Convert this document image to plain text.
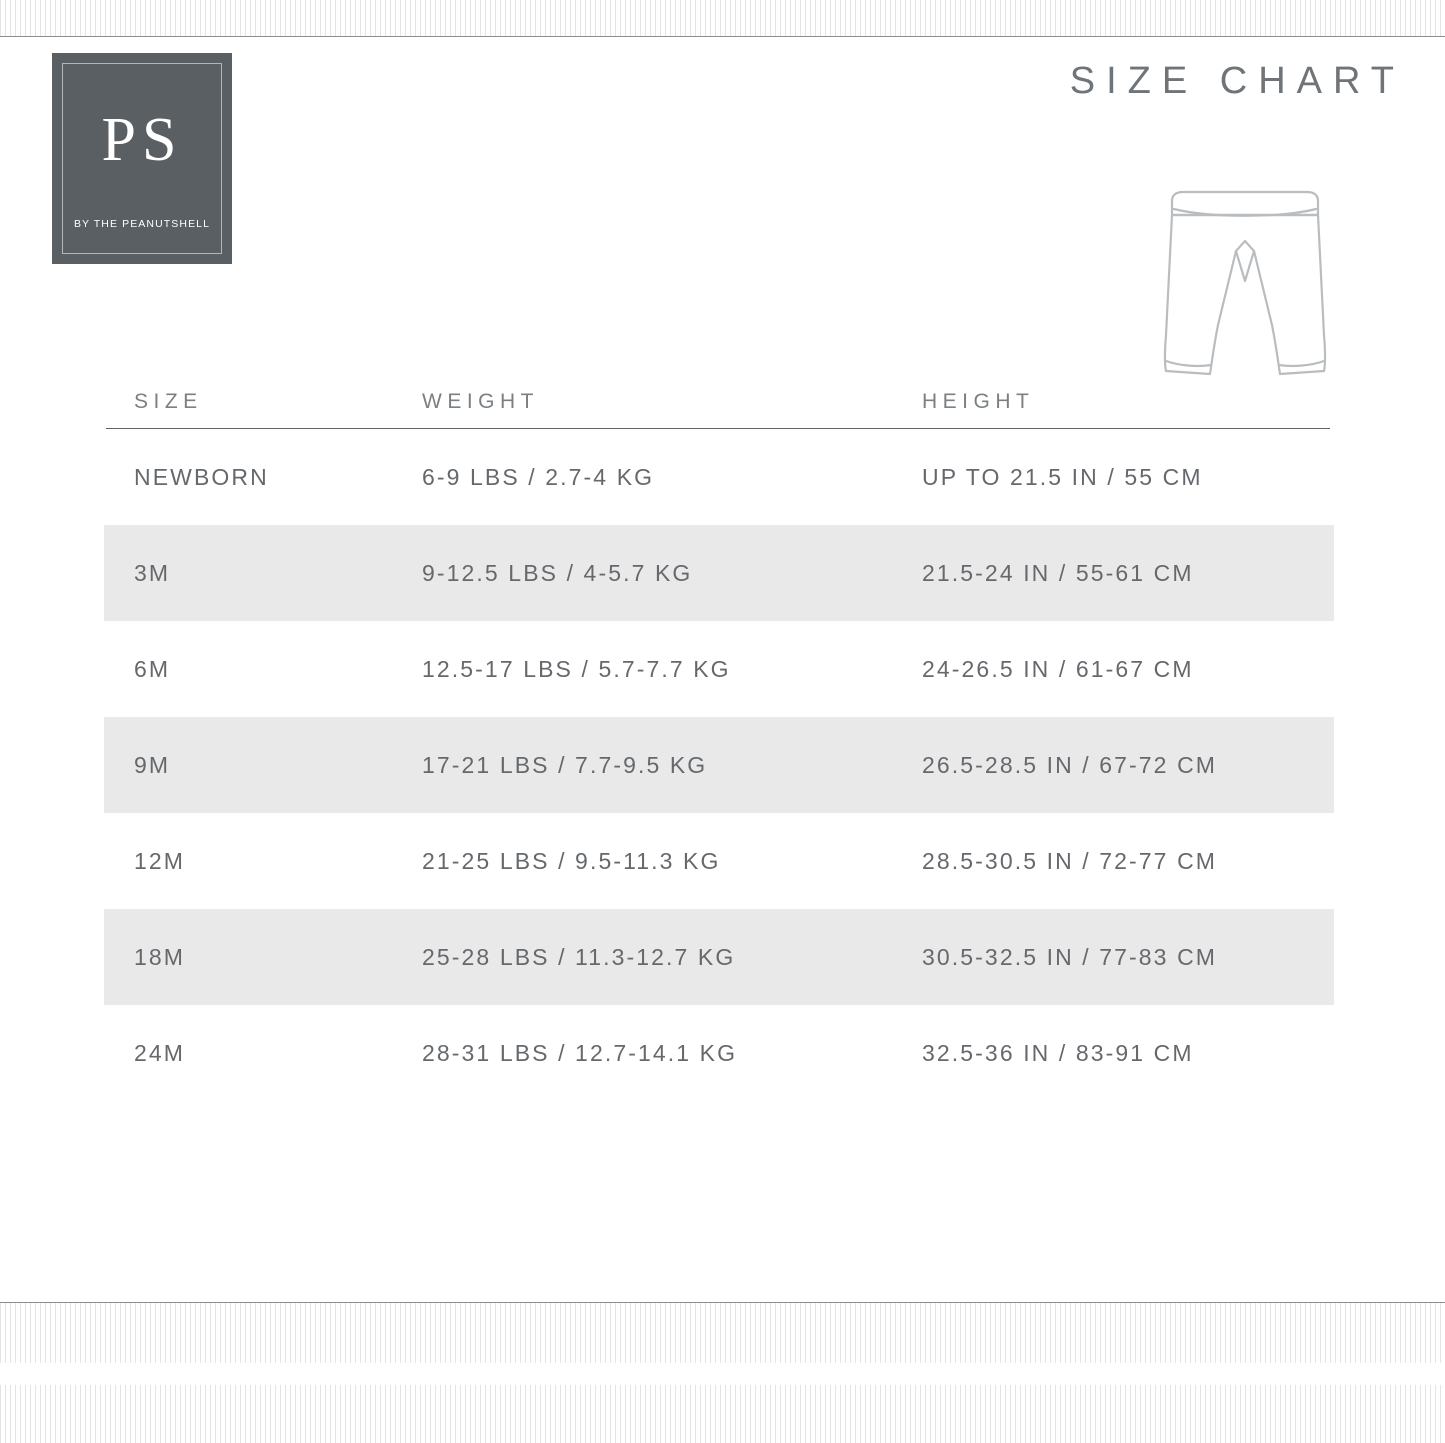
PS
BY THE PEANUTSHELL
SIZE CHART
SIZE	WEIGHT	HEIGHT
NEWBORN	6-9 LBS / 2.7-4 KG	UP TO 21.5 IN / 55 CM
3M	9-12.5 LBS / 4-5.7 KG	21.5-24 IN / 55-61 CM
6M	12.5-17 LBS / 5.7-7.7 KG	24-26.5 IN / 61-67 CM
9M	17-21 LBS / 7.7-9.5 KG	26.5-28.5 IN / 67-72 CM
12M	21-25 LBS / 9.5-11.3 KG	28.5-30.5 IN / 72-77 CM
18M	25-28 LBS / 11.3-12.7 KG	30.5-32.5 IN / 77-83 CM
24M	28-31 LBS / 12.7-14.1 KG	32.5-36 IN / 83-91 CM
